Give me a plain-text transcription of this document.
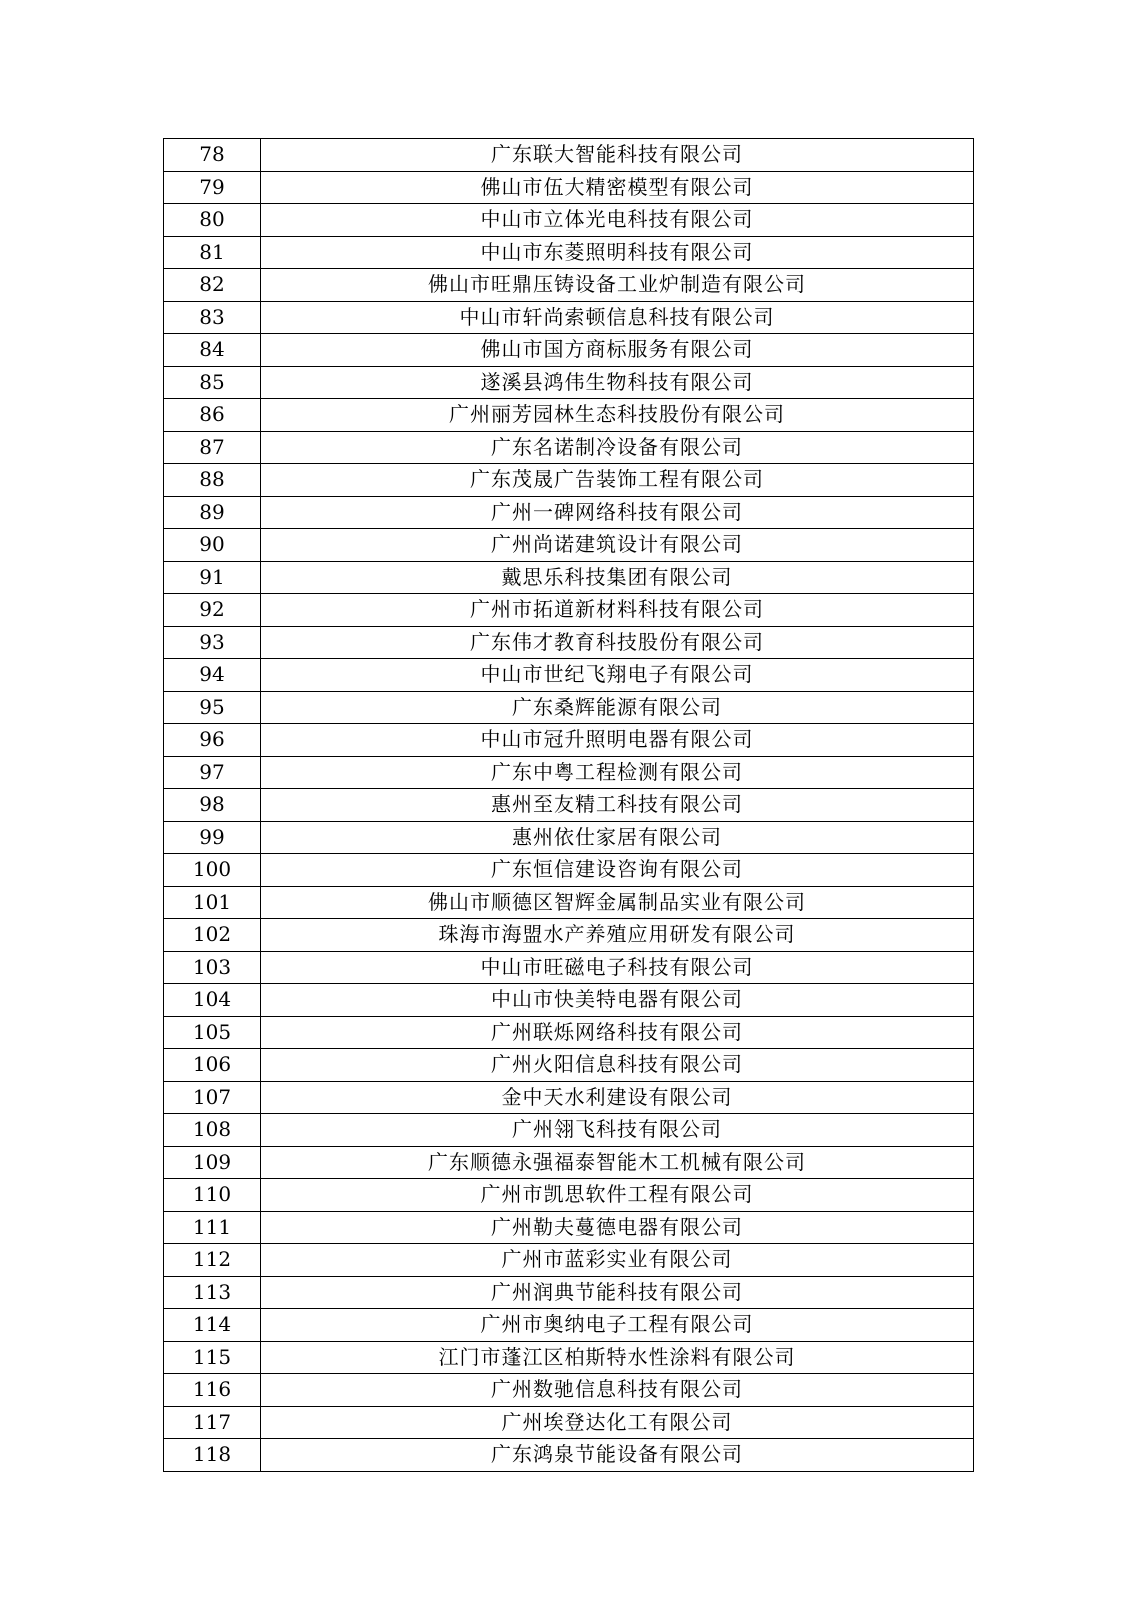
78	广东联大智能科技有限公司
79	佛山市伍大精密模型有限公司
80	中山市立体光电科技有限公司
81	中山市东菱照明科技有限公司
82	佛山市旺鼎压铸设备工业炉制造有限公司
83	中山市轩尚索顿信息科技有限公司
84	佛山市国方商标服务有限公司
85	遂溪县鸿伟生物科技有限公司
86	广州丽芳园林生态科技股份有限公司
87	广东名诺制冷设备有限公司
88	广东茂晟广告装饰工程有限公司
89	广州一碑网络科技有限公司
90	广州尚诺建筑设计有限公司
91	戴思乐科技集团有限公司
92	广州市拓道新材料科技有限公司
93	广东伟才教育科技股份有限公司
94	中山市世纪飞翔电子有限公司
95	广东桑辉能源有限公司
96	中山市冠升照明电器有限公司
97	广东中粤工程检测有限公司
98	惠州至友精工科技有限公司
99	惠州依仕家居有限公司
100	广东恒信建设咨询有限公司
101	佛山市顺德区智辉金属制品实业有限公司
102	珠海市海盟水产养殖应用研发有限公司
103	中山市旺磁电子科技有限公司
104	中山市快美特电器有限公司
105	广州联烁网络科技有限公司
106	广州火阳信息科技有限公司
107	金中天水利建设有限公司
108	广州翎飞科技有限公司
109	广东顺德永强福泰智能木工机械有限公司
110	广州市凯思软件工程有限公司
111	广州勒夫蔓德电器有限公司
112	广州市蓝彩实业有限公司
113	广州润典节能科技有限公司
114	广州市奥纳电子工程有限公司
115	江门市蓬江区柏斯特水性涂料有限公司
116	广州数驰信息科技有限公司
117	广州埃登达化工有限公司
118	广东鸿泉节能设备有限公司
